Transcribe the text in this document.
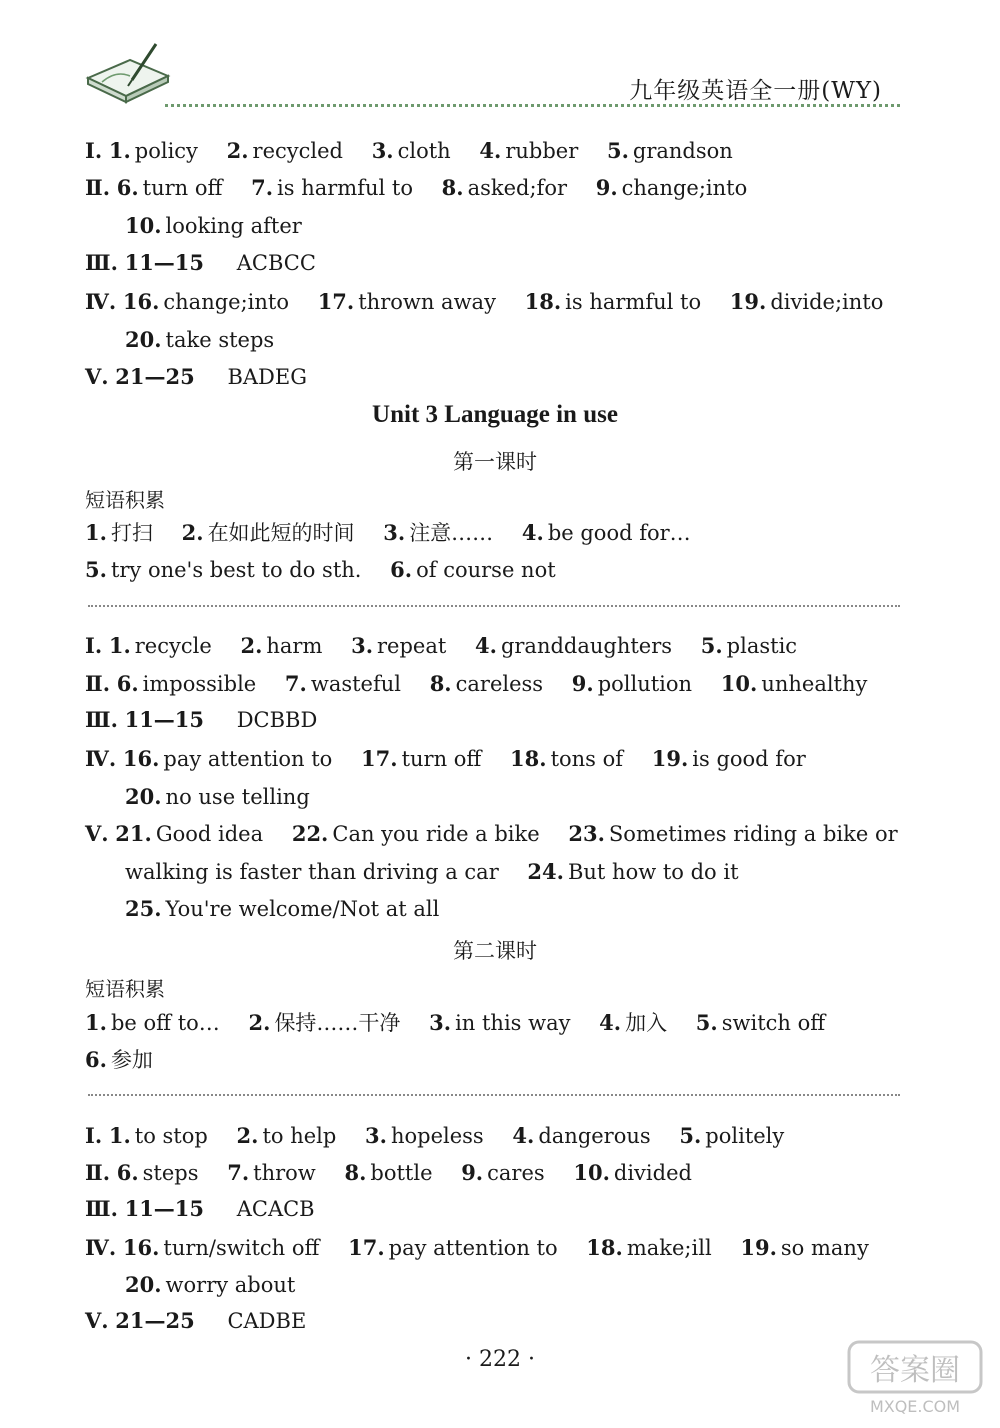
九年级英语全一册(WY)
Ⅰ. 1. policy 2. recycled 3. cloth 4. rubber 5. grandson
Ⅱ. 6. turn off 7. is harmful to 8. asked;for 9. change;into
10. looking after
Ⅲ. 11—15 ACBCC
Ⅳ. 16. change;into 17. thrown away 18. is harmful to 19. divide;into
20. take steps
Ⅴ. 21—25 BADEG
Unit 3 Language in use
第一课时
短语积累
1. 打扫 2. 在如此短的时间 3. 注意…… 4. be good for…
5. try one's best to do sth. 6. of course not
Ⅰ. 1. recycle 2. harm 3. repeat 4. granddaughters 5. plastic
Ⅱ. 6. impossible 7. wasteful 8. careless 9. pollution 10. unhealthy
Ⅲ. 11—15 DCBBD
Ⅳ. 16. pay attention to 17. turn off 18. tons of 19. is good for
20. no use telling
Ⅴ. 21. Good idea 22. Can you ride a bike 23. Sometimes riding a bike or
walking is faster than driving a car 24. But how to do it
25. You're welcome/Not at all
第二课时
短语积累
1. be off to… 2. 保持……干净 3. in this way 4. 加入 5. switch off
6. 参加
Ⅰ. 1. to stop 2. to help 3. hopeless 4. dangerous 5. politely
Ⅱ. 6. steps 7. throw 8. bottle 9. cares 10. divided
Ⅲ. 11—15 ACACB
Ⅳ. 16. turn/switch off 17. pay attention to 18. make;ill 19. so many
20. worry about
Ⅴ. 21—25 CADBE
· 222 ·	答案圈
MXQE.COM
